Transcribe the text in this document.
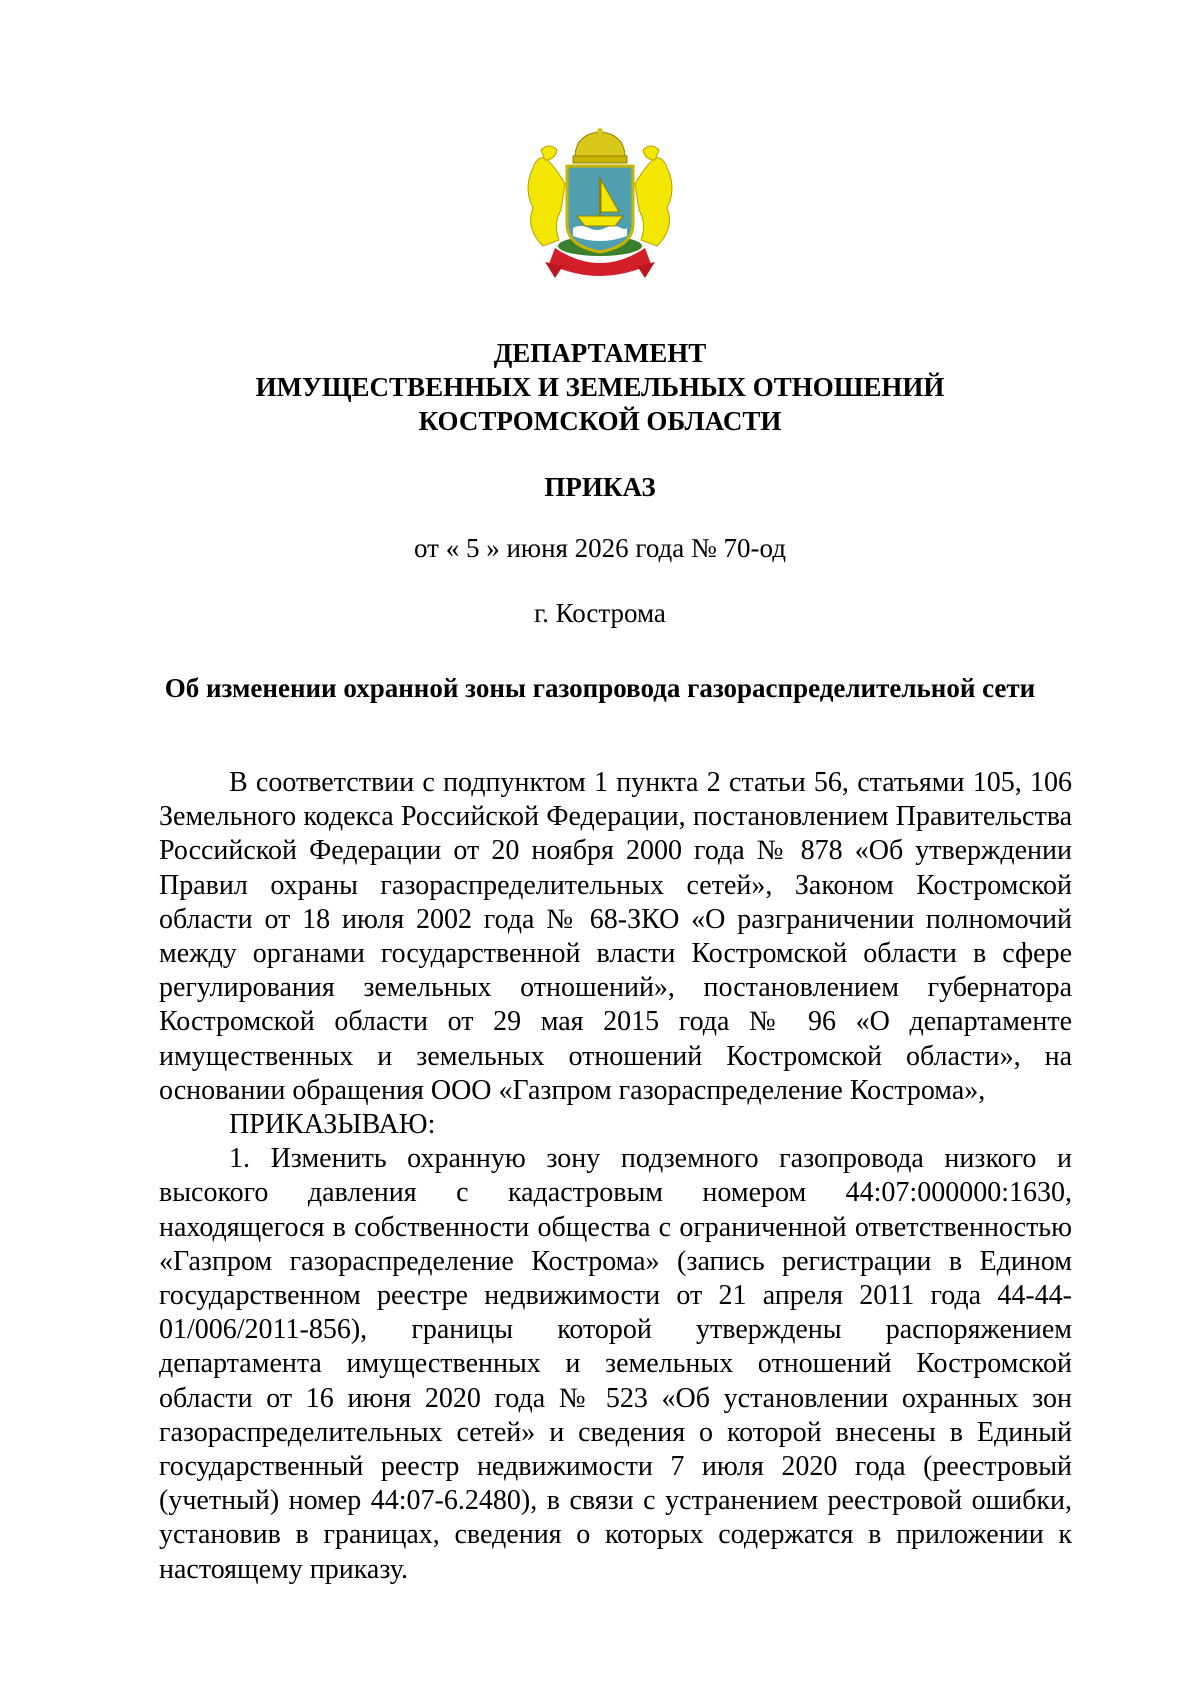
ДЕПАРТАМЕНТ
ИМУЩЕСТВЕННЫХ И ЗЕМЕЛЬНЫХ ОТНОШЕНИЙ
КОСТРОМСКОЙ ОБЛАСТИ
ПРИКАЗ
от « 5 » июня 2026 года № 70-од
г. Кострома
Об изменении охранной зоны газопровода газораспределительной сети

В соответствии с подпунктом 1 пункта 2 статьи 56, статьями 105, 106 Земельного кодекса Российской Федерации, постановлением Правительства Российской Федерации от 20 ноября 2000 года № 878 «Об утверждении Правил охраны газораспределительных сетей», Законом Костромской области от 18 июля 2002 года № 68-ЗКО «О разграничении полномочий между органами государственной власти Костромской области в сфере регулирования земельных отношений», постановлением губернатора Костромской области от 29 мая 2015 года № 96 «О департаменте имущественных и земельных отношений Костромской области», на основании обращения ООО «Газпром газораспределение Кострома»,

ПРИКАЗЫВАЮ:

1. Изменить охранную зону подземного газопровода низкого и высокого давления с кадастровым номером 44:07:000000:1630, находящегося в собственности общества с ограниченной ответственностью «Газпром газораспределение Кострома» (запись регистрации в Едином государственном реестре недвижимости от 21 апреля 2011 года 44-44-01/006/2011-856), границы которой утверждены распоряжением департамента имущественных и земельных отношений Костромской области от 16 июня 2020 года № 523 «Об установлении охранных зон газораспределительных сетей» и сведения о которой внесены в Единый государственный реестр недвижимости 7 июля 2020 года (реестровый (учетный) номер 44:07-6.2480), в связи с устранением реестровой ошибки, установив в границах, сведения о которых содержатся в приложении к настоящему приказу.
